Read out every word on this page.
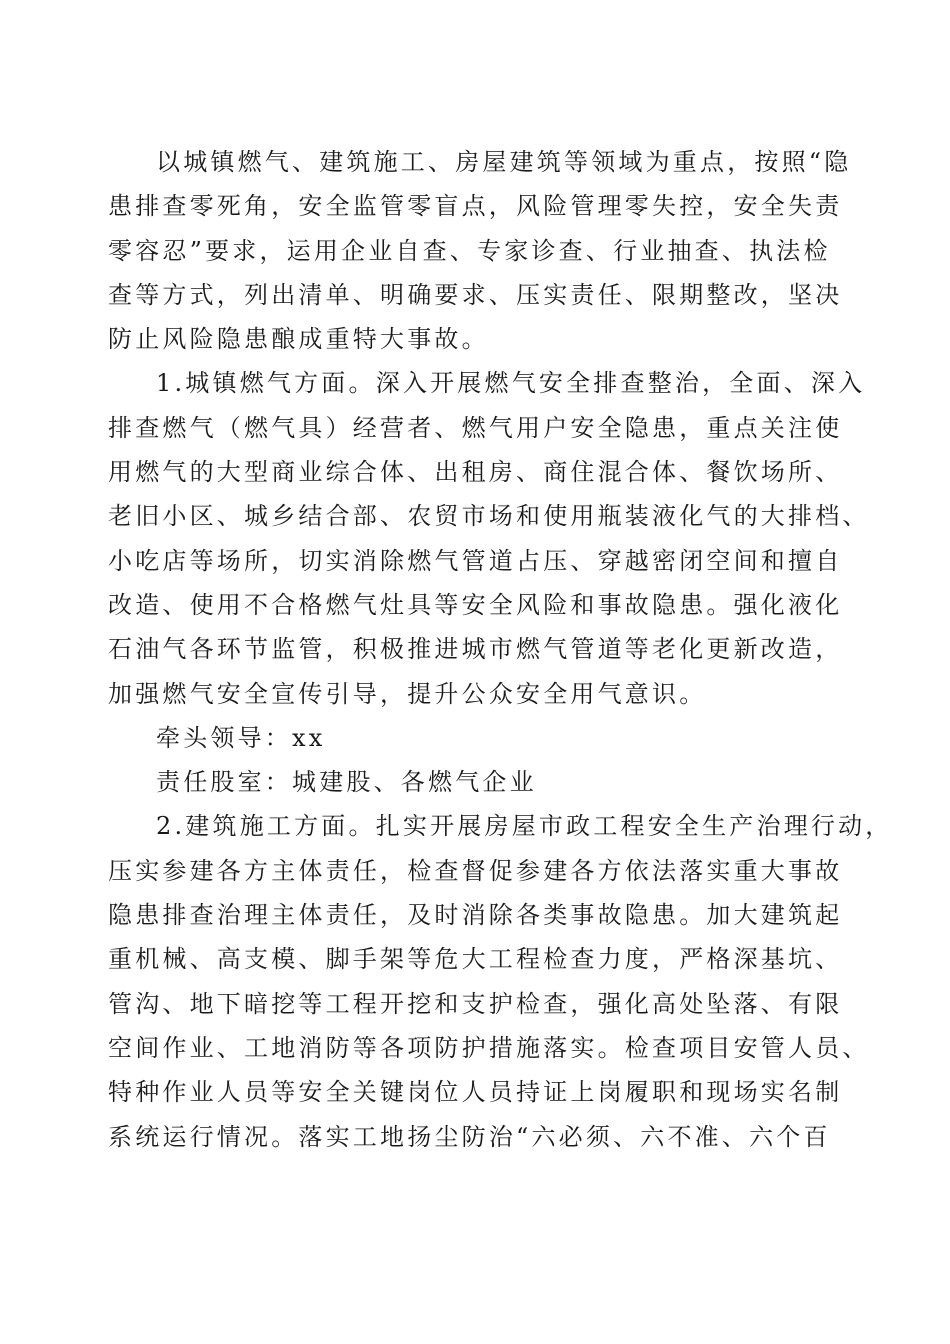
以城镇燃气、建筑施工、房屋建筑等领域为重点，按照“隐
患排查零死角，安全监管零盲点，风险管理零失控，安全失责
零容忍”要求，运用企业自查、专家诊查、行业抽查、执法检
查等方式，列出清单、明确要求、压实责任、限期整改，坚决
防止风险隐患酿成重特大事故。

1.城镇燃气方面。深入开展燃气安全排查整治，全面、深入
排查燃气（燃气具）经营者、燃气用户安全隐患，重点关注使
用燃气的大型商业综合体、出租房、商住混合体、餐饮场所、
老旧小区、城乡结合部、农贸市场和使用瓶装液化气的大排档、
小吃店等场所，切实消除燃气管道占压、穿越密闭空间和擅自
改造、使用不合格燃气灶具等安全风险和事故隐患。强化液化
石油气各环节监管，积极推进城市燃气管道等老化更新改造，
加强燃气安全宣传引导，提升公众安全用气意识。

牵头领导：xx

责任股室：城建股、各燃气企业

2.建筑施工方面。扎实开展房屋市政工程安全生产治理行动，
压实参建各方主体责任，检查督促参建各方依法落实重大事故
隐患排查治理主体责任，及时消除各类事故隐患。加大建筑起
重机械、高支模、脚手架等危大工程检查力度，严格深基坑、
管沟、地下暗挖等工程开挖和支护检查，强化高处坠落、有限
空间作业、工地消防等各项防护措施落实。检查项目安管人员、
特种作业人员等安全关键岗位人员持证上岗履职和现场实名制
系统运行情况。落实工地扬尘防治“六必须、六不准、六个百
